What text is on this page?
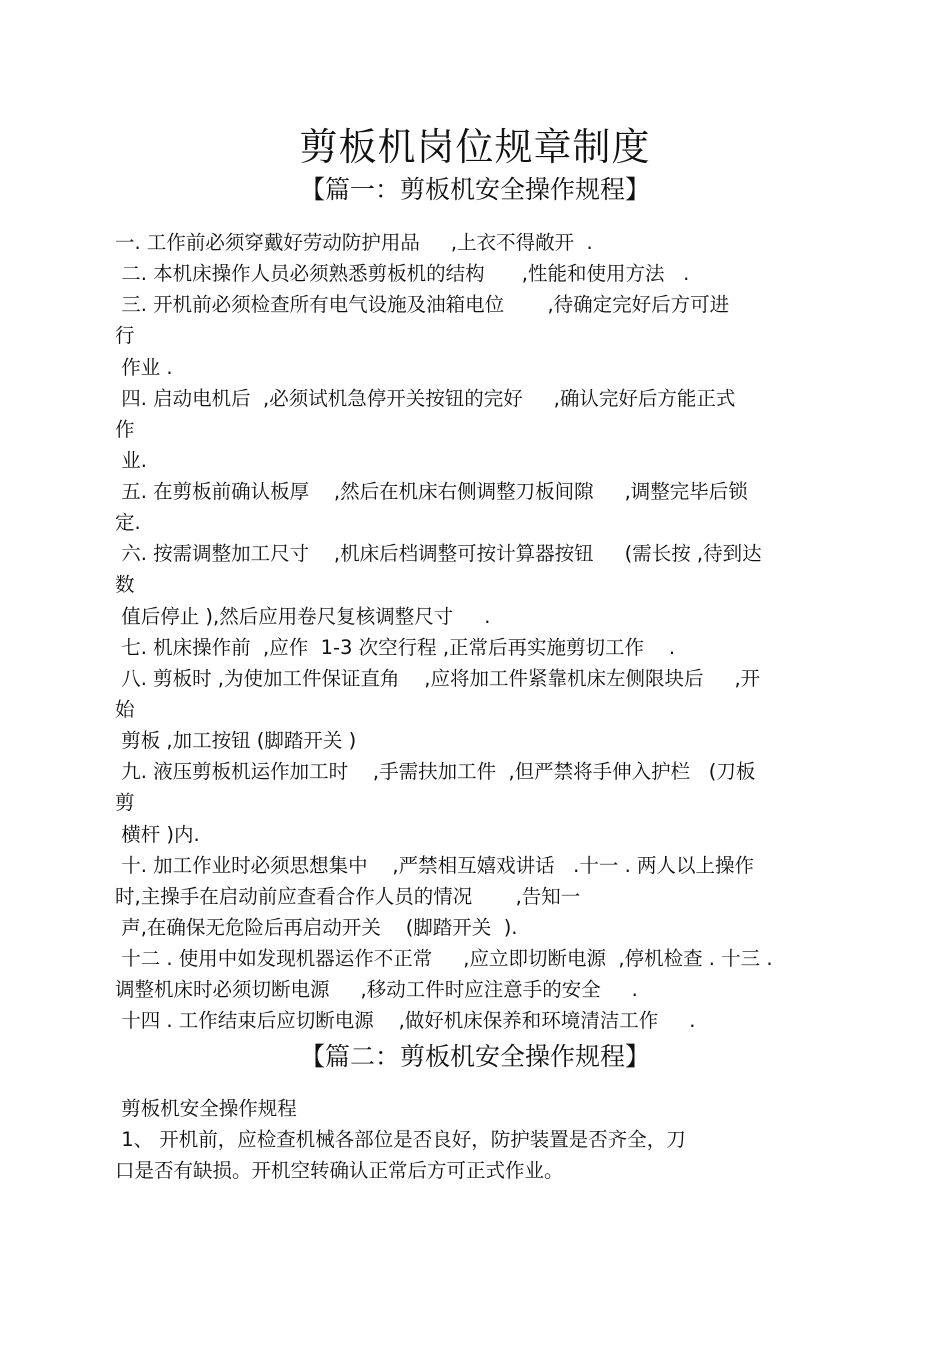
剪板机岗位规章制度
【篇一：剪板机安全操作规程】

一. 工作前必须穿戴好劳动防护用品     ,上衣不得敞开  .

二. 本机床操作人员必须熟悉剪板机的结构      ,性能和使用方法   .

三. 开机前必须检查所有电气设施及油箱电位       ,待确定完好后方可进

行

作业 .

四. 启动电机后  ,必须试机急停开关按钮的完好     ,确认完好后方能正式

作

业.

五. 在剪板前确认板厚    ,然后在机床右侧调整刀板间隙     ,调整完毕后锁

定.

六. 按需调整加工尺寸    ,机床后档调整可按计算器按钮     (需长按 ,待到达

数

值后停止 ),然后应用卷尺复核调整尺寸     .

七. 机床操作前  ,应作  1-3 次空行程 ,正常后再实施剪切工作    .

八. 剪板时 ,为使加工件保证直角    ,应将加工件紧靠机床左侧限块后     ,开

始

剪板 ,加工按钮 (脚踏开关 )

九. 液压剪板机运作加工时    ,手需扶加工件  ,但严禁将手伸入护栏   (刀板

剪

横杆 )内.

十. 加工作业时必须思想集中    ,严禁相互嬉戏讲话   .十一 . 两人以上操作

时,主操手在启动前应查看合作人员的情况       ,告知一

声,在确保无危险后再启动开关    (脚踏开关  ).

十二 . 使用中如发现机器运作不正常     ,应立即切断电源  ,停机检查 . 十三 .

调整机床时必须切断电源     ,移动工件时应注意手的安全     .

十四 . 工作结束后应切断电源    ,做好机床保养和环境清洁工作     .

【篇二：剪板机安全操作规程】

剪板机安全操作规程

1、 开机前，应检查机械各部位是否良好，防护装置是否齐全，刀

口是否有缺损。开机空转确认正常后方可正式作业。
